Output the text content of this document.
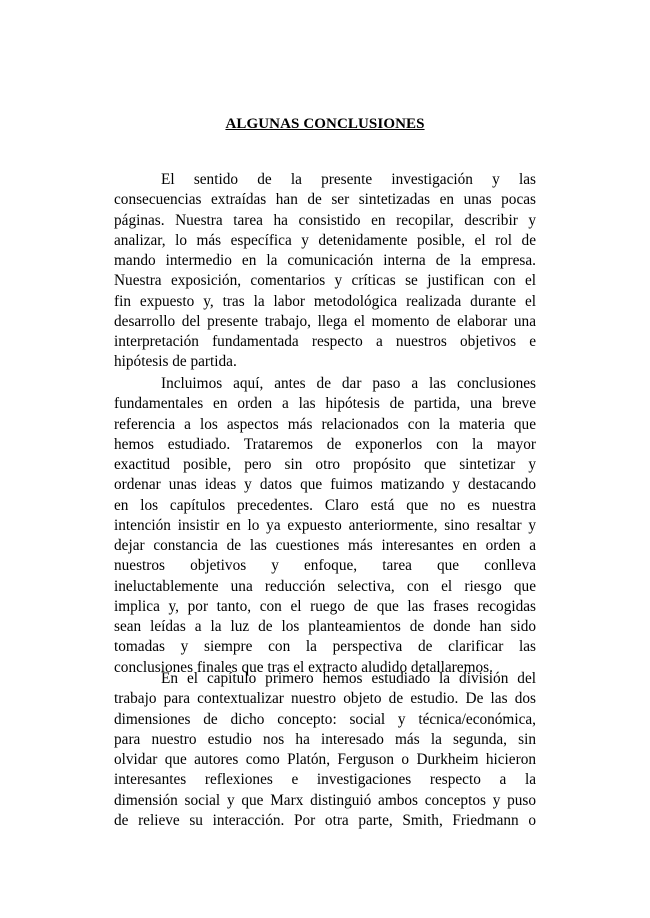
ALGUNAS CONCLUSIONES
El sentido de la presente investigación y las
consecuencias extraídas han de ser sintetizadas en unas pocas
páginas. Nuestra tarea ha consistido en recopilar, describir y
analizar, lo más específica y detenidamente posible, el rol de
mando intermedio en la comunicación interna de la empresa.
Nuestra exposición, comentarios y críticas se justifican con el
fin expuesto y, tras la labor metodológica realizada durante el
desarrollo del presente trabajo, llega el momento de elaborar una
interpretación fundamentada respecto a nuestros objetivos e
hipótesis de partida.
Incluimos aquí, antes de dar paso a las conclusiones
fundamentales en orden a las hipótesis de partida, una breve
referencia a los aspectos más relacionados con la materia que
hemos estudiado. Trataremos de exponerlos con la mayor
exactitud posible, pero sin otro propósito que sintetizar y
ordenar unas ideas y datos que fuimos matizando y destacando
en los capítulos precedentes. Claro está que no es nuestra
intención insistir en lo ya expuesto anteriormente, sino resaltar y
dejar constancia de las cuestiones más interesantes en orden a
nuestros objetivos y enfoque, tarea que conlleva
ineluctablemente una reducción selectiva, con el riesgo que
implica y, por tanto, con el ruego de que las frases recogidas
sean leídas a la luz de los planteamientos de donde han sido
tomadas y siempre con la perspectiva de clarificar las
conclusiones finales que tras el extracto aludido detallaremos.
En el capítulo primero hemos estudiado la división del
trabajo para contextualizar nuestro objeto de estudio. De las dos
dimensiones de dicho concepto: social y técnica/económica,
para nuestro estudio nos ha interesado más la segunda, sin
olvidar que autores como Platón, Ferguson o Durkheim hicieron
interesantes reflexiones e investigaciones respecto a la
dimensión social y que Marx distinguió ambos conceptos y puso
de relieve su interacción. Por otra parte, Smith, Friedmann o
